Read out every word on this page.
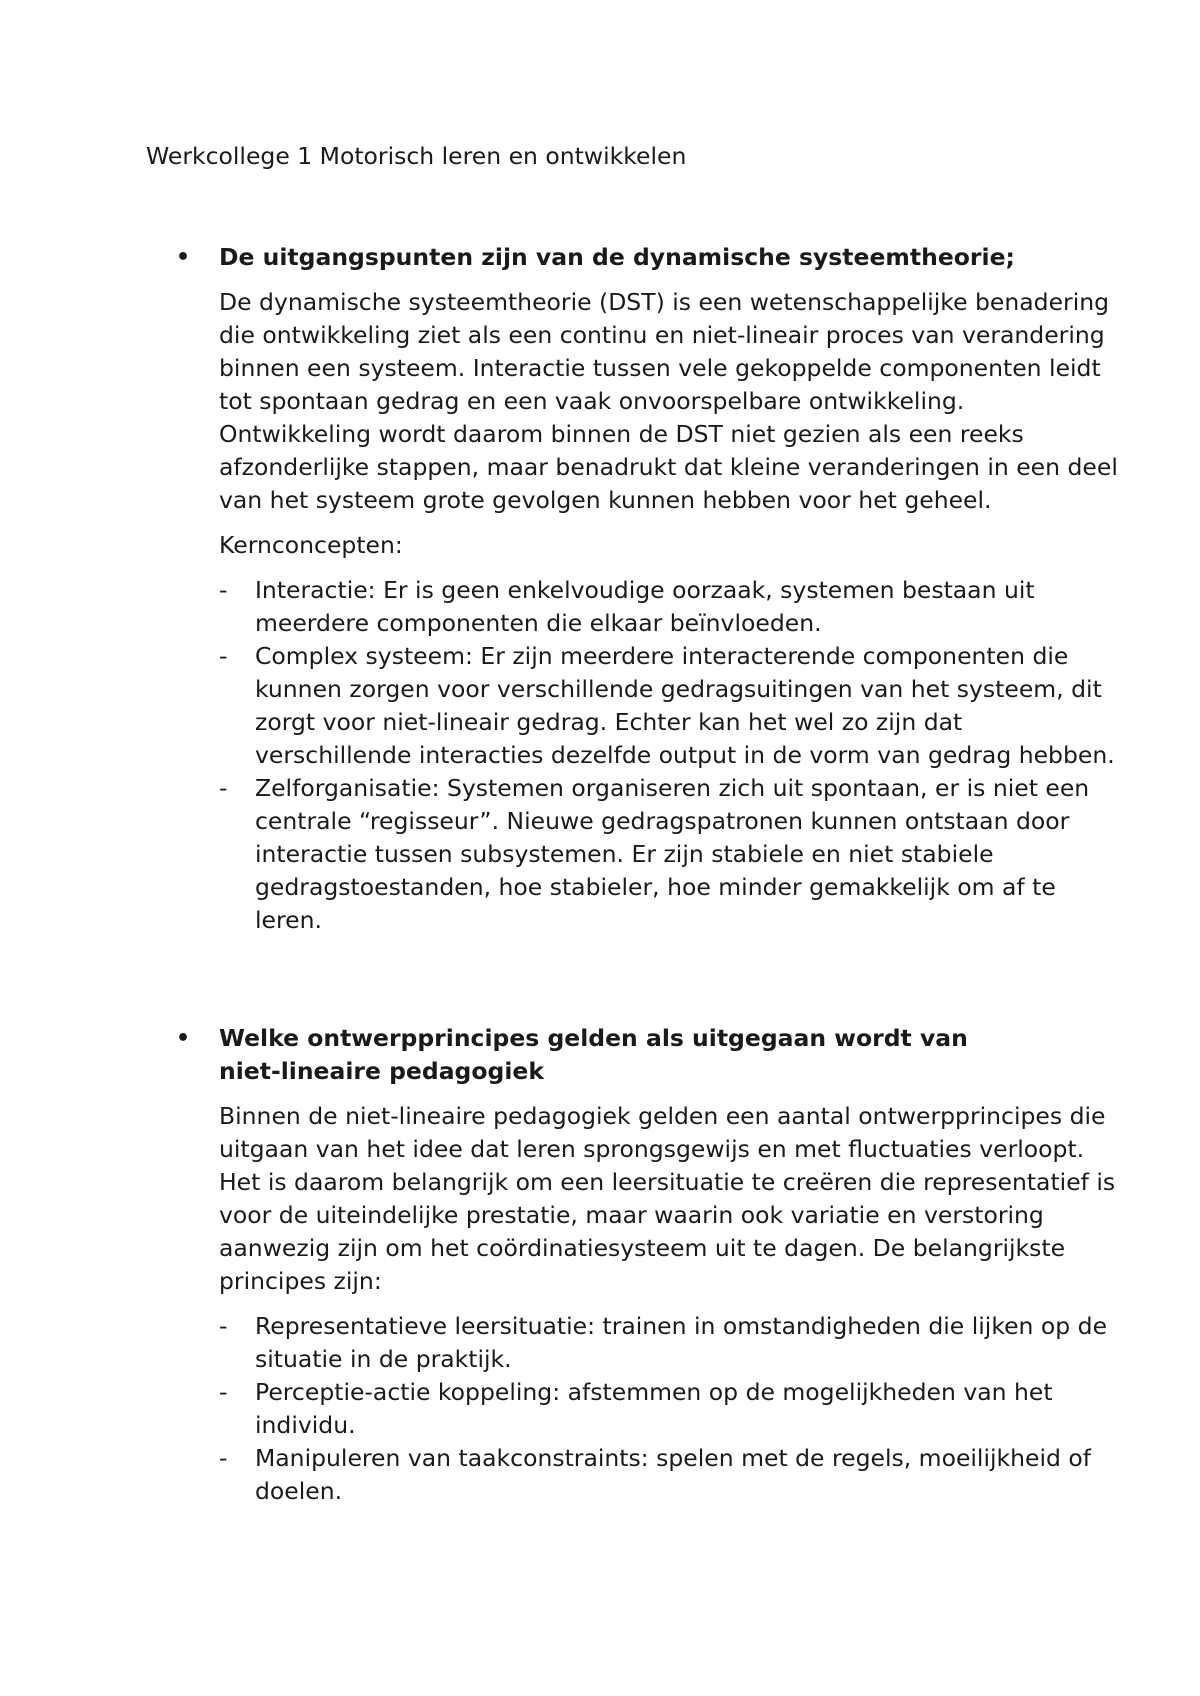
Werkcollege 1 Motorisch leren en ontwikkelen

• De uitgangspunten zijn van de dynamische systeemtheorie;

De dynamische systeemtheorie (DST) is een wetenschappelijke benadering die ontwikkeling ziet als een continu en niet-lineair proces van verandering binnen een systeem. Interactie tussen vele gekoppelde componenten leidt tot spontaan gedrag en een vaak onvoorspelbare ontwikkeling. Ontwikkeling wordt daarom binnen de DST niet gezien als een reeks afzonderlijke stappen, maar benadrukt dat kleine veranderingen in een deel van het systeem grote gevolgen kunnen hebben voor het geheel.

Kernconcepten:

- Interactie: Er is geen enkelvoudige oorzaak, systemen bestaan uit meerdere componenten die elkaar beïnvloeden.
- Complex systeem: Er zijn meerdere interacterende componenten die kunnen zorgen voor verschillende gedragsuitingen van het systeem, dit zorgt voor niet-lineair gedrag. Echter kan het wel zo zijn dat verschillende interacties dezelfde output in de vorm van gedrag hebben.
- Zelforganisatie: Systemen organiseren zich uit spontaan, er is niet een centrale “regisseur”. Nieuwe gedragspatronen kunnen ontstaan door interactie tussen subsystemen. Er zijn stabiele en niet stabiele gedragstoestanden, hoe stabieler, hoe minder gemakkelijk om af te leren.

• Welke ontwerpprincipes gelden als uitgegaan wordt van niet-lineaire pedagogiek

Binnen de niet-lineaire pedagogiek gelden een aantal ontwerpprincipes die uitgaan van het idee dat leren sprongsgewijs en met fluctuaties verloopt. Het is daarom belangrijk om een leersituatie te creëren die representatief is voor de uiteindelijke prestatie, maar waarin ook variatie en verstoring aanwezig zijn om het coördinatiesysteem uit te dagen. De belangrijkste principes zijn:

- Representatieve leersituatie: trainen in omstandigheden die lijken op de situatie in de praktijk.
- Perceptie-actie koppeling: afstemmen op de mogelijkheden van het individu.
- Manipuleren van taakconstraints: spelen met de regels, moeilijkheid of doelen.
